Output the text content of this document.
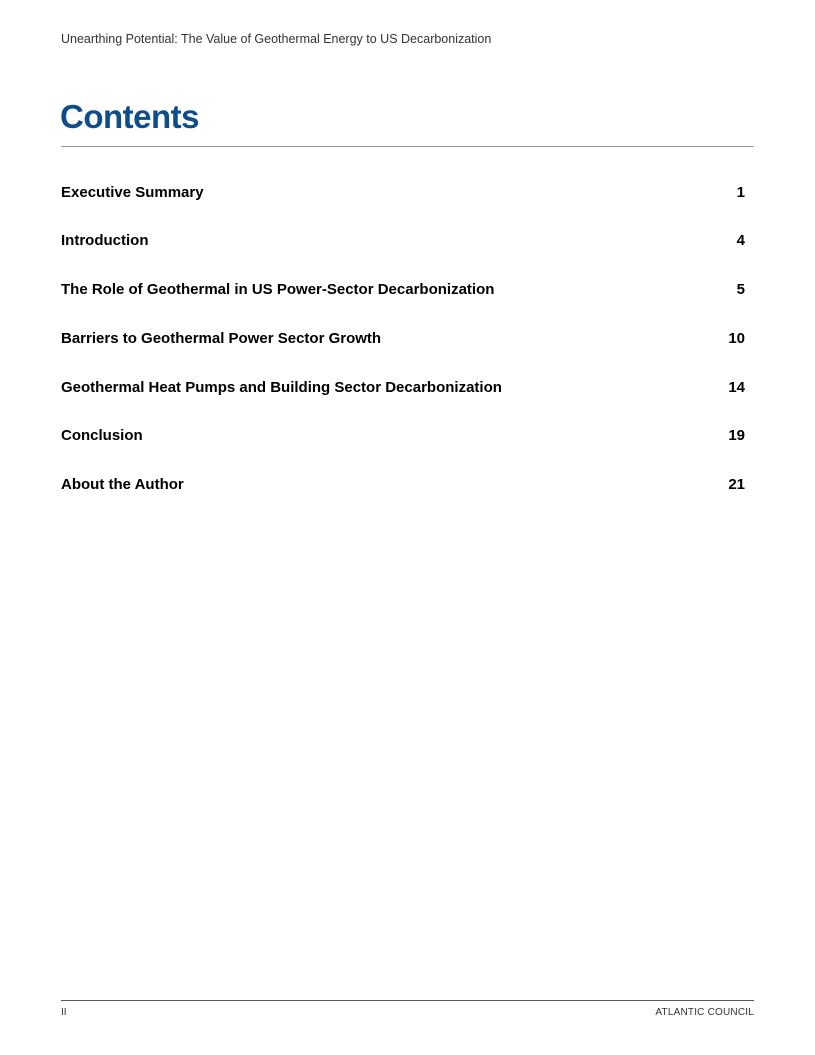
Unearthing Potential: The Value of Geothermal Energy to US Decarbonization
Contents
Executive Summary	1
Introduction	4
The Role of Geothermal in US Power-Sector Decarbonization	5
Barriers to Geothermal Power Sector Growth	10
Geothermal Heat Pumps and Building Sector Decarbonization	14
Conclusion	19
About the Author	21
II	ATLANTIC COUNCIL
